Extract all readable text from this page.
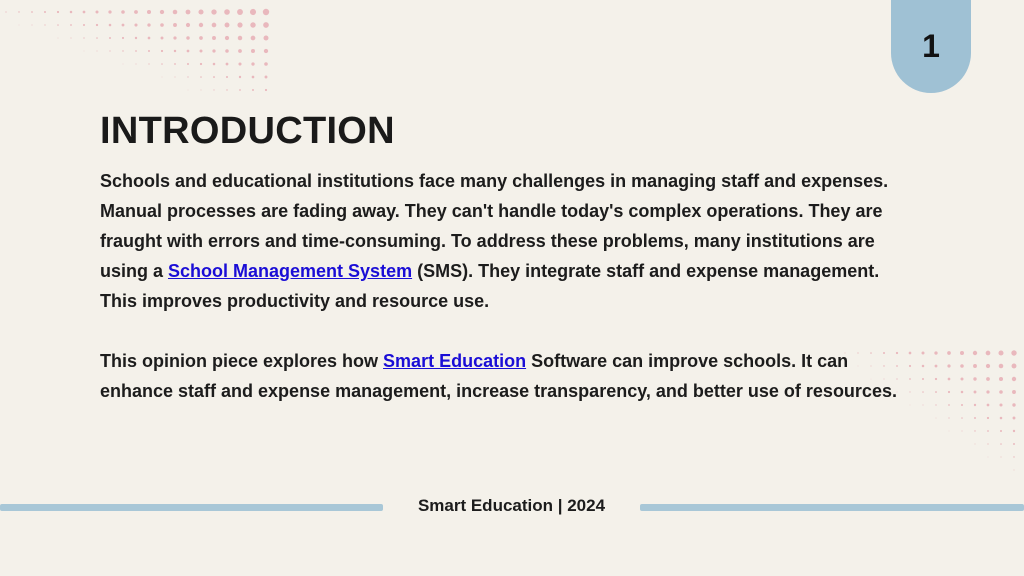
1
INTRODUCTION

Schools and educational institutions face many challenges in managing staff and expenses. Manual processes are fading away. They can't handle today's complex operations. They are fraught with errors and time-consuming. To address these problems, many institutions are using a School Management System (SMS). They integrate staff and expense management. This improves productivity and resource use.

This opinion piece explores how Smart Education Software can improve schools. It can enhance staff and expense management, increase transparency, and better use of resources.

Smart Education | 2024
